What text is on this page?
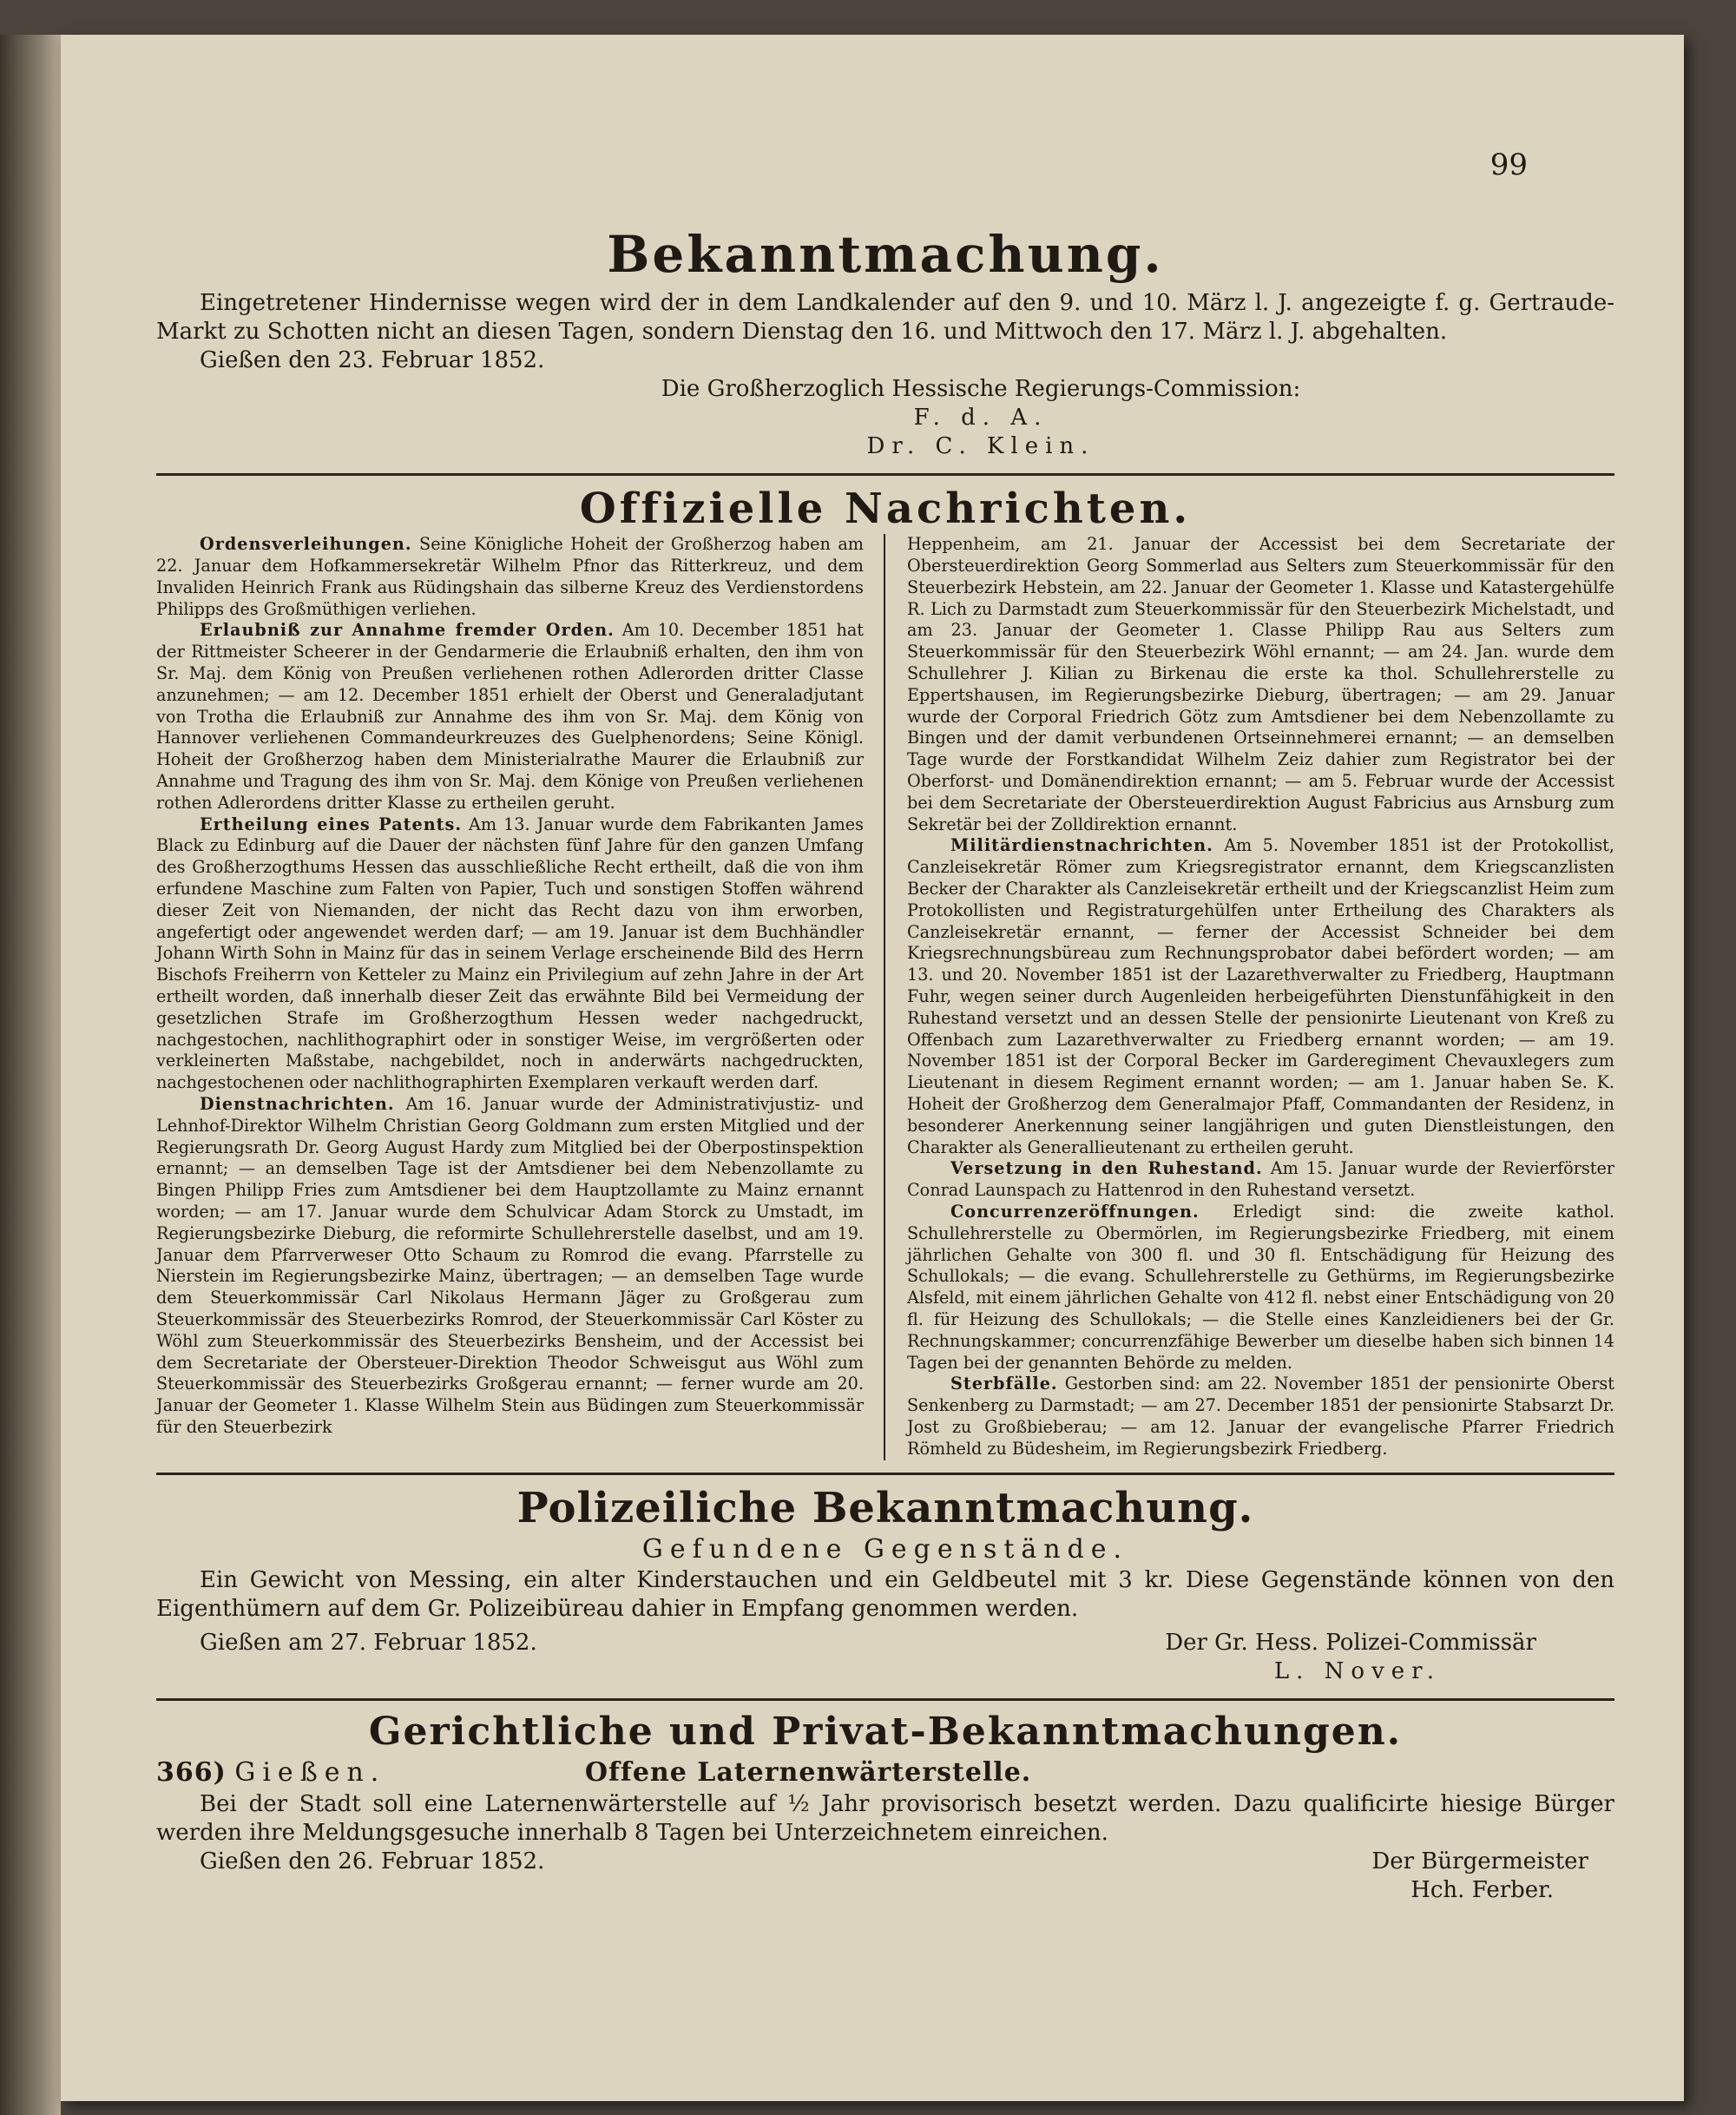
99
Bekanntmachung.

Eingetretener Hindernisse wegen wird der in dem Landkalender auf den 9. und 10. März l. J. angezeigte f. g. Gertraude-Markt zu Schotten nicht an diesen Tagen, sondern Dienstag den 16. und Mittwoch den 17. März l. J. abgehalten.

Gießen den 23. Februar 1852.

Die Großherzoglich Hessische Regierungs-Commission:

F. d. A.

Dr. C. Klein.

Offizielle Nachrichten.

Ordensverleihungen. Seine Königliche Hoheit der Großherzog haben am 22. Januar dem Hofkammersekretär Wilhelm Pfnor das Ritterkreuz, und dem Invaliden Heinrich Frank aus Rüdingshain das silberne Kreuz des Verdienstordens Philipps des Großmüthigen verliehen.

Erlaubniß zur Annahme fremder Orden. Am 10. December 1851 hat der Rittmeister Scheerer in der Gendarmerie die Erlaubniß erhalten, den ihm von Sr. Maj. dem König von Preußen verliehenen rothen Adlerorden dritter Classe anzunehmen; — am 12. December 1851 erhielt der Oberst und Generaladjutant von Trotha die Erlaubniß zur Annahme des ihm von Sr. Maj. dem König von Hannover verliehenen Commandeurkreuzes des Guelphenordens; Seine Königl. Hoheit der Großherzog haben dem Ministerialrathe Maurer die Erlaubniß zur Annahme und Tragung des ihm von Sr. Maj. dem Könige von Preußen verliehenen rothen Adlerordens dritter Klasse zu ertheilen geruht.

Ertheilung eines Patents. Am 13. Januar wurde dem Fabrikanten James Black zu Edinburg auf die Dauer der nächsten fünf Jahre für den ganzen Umfang des Großherzogthums Hessen das ausschließliche Recht ertheilt, daß die von ihm erfundene Maschine zum Falten von Papier, Tuch und sonstigen Stoffen während dieser Zeit von Niemanden, der nicht das Recht dazu von ihm erworben, angefertigt oder angewendet werden darf; — am 19. Januar ist dem Buchhändler Johann Wirth Sohn in Mainz für das in seinem Verlage erscheinende Bild des Herrn Bischofs Freiherrn von Ketteler zu Mainz ein Privilegium auf zehn Jahre in der Art ertheilt worden, daß innerhalb dieser Zeit das erwähnte Bild bei Vermeidung der gesetzlichen Strafe im Großherzogthum Hessen weder nachgedruckt, nachgestochen, nachlithographirt oder in sonstiger Weise, im vergrößerten oder verkleinerten Maßstabe, nachgebildet, noch in anderwärts nachgedruckten, nachgestochenen oder nachlithographirten Exemplaren verkauft werden darf.

Dienstnachrichten. Am 16. Januar wurde der Administrativjustiz- und Lehnhof-Direktor Wilhelm Christian Georg Goldmann zum ersten Mitglied und der Regierungsrath Dr. Georg August Hardy zum Mitglied bei der Oberpostinspektion ernannt; — an demselben Tage ist der Amtsdiener bei dem Nebenzollamte zu Bingen Philipp Fries zum Amtsdiener bei dem Hauptzollamte zu Mainz ernannt worden; — am 17. Januar wurde dem Schulvicar Adam Storck zu Umstadt, im Regierungsbezirke Dieburg, die reformirte Schullehrerstelle daselbst, und am 19. Januar dem Pfarrverweser Otto Schaum zu Romrod die evang. Pfarrstelle zu Nierstein im Regierungsbezirke Mainz, übertragen; — an demselben Tage wurde dem Steuerkommissär Carl Nikolaus Hermann Jäger zu Großgerau zum Steuerkommissär des Steuerbezirks Romrod, der Steuerkommissär Carl Köster zu Wöhl zum Steuerkommissär des Steuerbezirks Bensheim, und der Accessist bei dem Secretariate der Obersteuer-Direktion Theodor Schweisgut aus Wöhl zum Steuerkommissär des Steuerbezirks Großgerau ernannt; — ferner wurde am 20. Januar der Geometer 1. Klasse Wilhelm Stein aus Büdingen zum Steuerkommissär für den Steuerbezirk

Heppenheim, am 21. Januar der Accessist bei dem Secretariate der Obersteuerdirektion Georg Sommerlad aus Selters zum Steuerkommissär für den Steuerbezirk Hebstein, am 22. Januar der Geometer 1. Klasse und Katastergehülfe R. Lich zu Darmstadt zum Steuerkommissär für den Steuerbezirk Michelstadt, und am 23. Januar der Geometer 1. Classe Philipp Rau aus Selters zum Steuerkommissär für den Steuerbezirk Wöhl ernannt; — am 24. Jan. wurde dem Schullehrer J. Kilian zu Birkenau die erste ka thol. Schullehrerstelle zu Eppertshausen, im Regierungsbezirke Dieburg, übertragen; — am 29. Januar wurde der Corporal Friedrich Götz zum Amtsdiener bei dem Nebenzollamte zu Bingen und der damit verbundenen Ortseinnehmerei ernannt; — an demselben Tage wurde der Forstkandidat Wilhelm Zeiz dahier zum Registrator bei der Oberforst- und Domänendirektion ernannt; — am 5. Februar wurde der Accessist bei dem Secretariate der Obersteuerdirektion August Fabricius aus Arnsburg zum Sekretär bei der Zolldirektion ernannt.

Militärdienstnachrichten. Am 5. November 1851 ist der Protokollist, Canzleisekretär Römer zum Kriegsregistrator ernannt, dem Kriegscanzlisten Becker der Charakter als Canzleisekretär ertheilt und der Kriegscanzlist Heim zum Protokollisten und Registraturgehülfen unter Ertheilung des Charakters als Canzleisekretär ernannt, — ferner der Accessist Schneider bei dem Kriegsrechnungsbüreau zum Rechnungsprobator dabei befördert worden; — am 13. und 20. November 1851 ist der Lazarethverwalter zu Friedberg, Hauptmann Fuhr, wegen seiner durch Augenleiden herbeigeführten Dienstunfähigkeit in den Ruhestand versetzt und an dessen Stelle der pensionirte Lieutenant von Kreß zu Offenbach zum Lazarethverwalter zu Friedberg ernannt worden; — am 19. November 1851 ist der Corporal Becker im Garderegiment Chevauxlegers zum Lieutenant in diesem Regiment ernannt worden; — am 1. Januar haben Se. K. Hoheit der Großherzog dem Generalmajor Pfaff, Commandanten der Residenz, in besonderer Anerkennung seiner langjährigen und guten Dienstleistungen, den Charakter als Generallieutenant zu ertheilen geruht.

Versetzung in den Ruhestand. Am 15. Januar wurde der Revierförster Conrad Launspach zu Hattenrod in den Ruhestand versetzt.

Concurrenzeröffnungen. Erledigt sind: die zweite kathol. Schullehrerstelle zu Obermörlen, im Regierungsbezirke Friedberg, mit einem jährlichen Gehalte von 300 fl. und 30 fl. Entschädigung für Heizung des Schullokals; — die evang. Schullehrerstelle zu Gethürms, im Regierungsbezirke Alsfeld, mit einem jährlichen Gehalte von 412 fl. nebst einer Entschädigung von 20 fl. für Heizung des Schullokals; — die Stelle eines Kanzleidieners bei der Gr. Rechnungskammer; concurrenzfähige Bewerber um dieselbe haben sich binnen 14 Tagen bei der genannten Behörde zu melden.

Sterbfälle. Gestorben sind: am 22. November 1851 der pensionirte Oberst Senkenberg zu Darmstadt; — am 27. December 1851 der pensionirte Stabsarzt Dr. Jost zu Großbieberau; — am 12. Januar der evangelische Pfarrer Friedrich Römheld zu Büdesheim, im Regierungsbezirk Friedberg.

Polizeiliche Bekanntmachung.

Gefundene Gegenstände.

Ein Gewicht von Messing, ein alter Kinderstauchen und ein Geldbeutel mit 3 kr. Diese Gegenstände können von den Eigenthümern auf dem Gr. Polizeibüreau dahier in Empfang genommen werden.

Gießen am 27. Februar 1852.	Der Gr. Hess. Polizei-Commissär

L. Nover.

Gerichtliche und Privat-Bekanntmachungen.

366) Gießen.	Offene Laternenwärterstelle.

Bei der Stadt soll eine Laternenwärterstelle auf ½ Jahr provisorisch besetzt werden. Dazu qualificirte hiesige Bürger werden ihre Meldungsgesuche innerhalb 8 Tagen bei Unterzeichnetem einreichen.

Gießen den 26. Februar 1852.	Der Bürgermeister

Hch. Ferber.
